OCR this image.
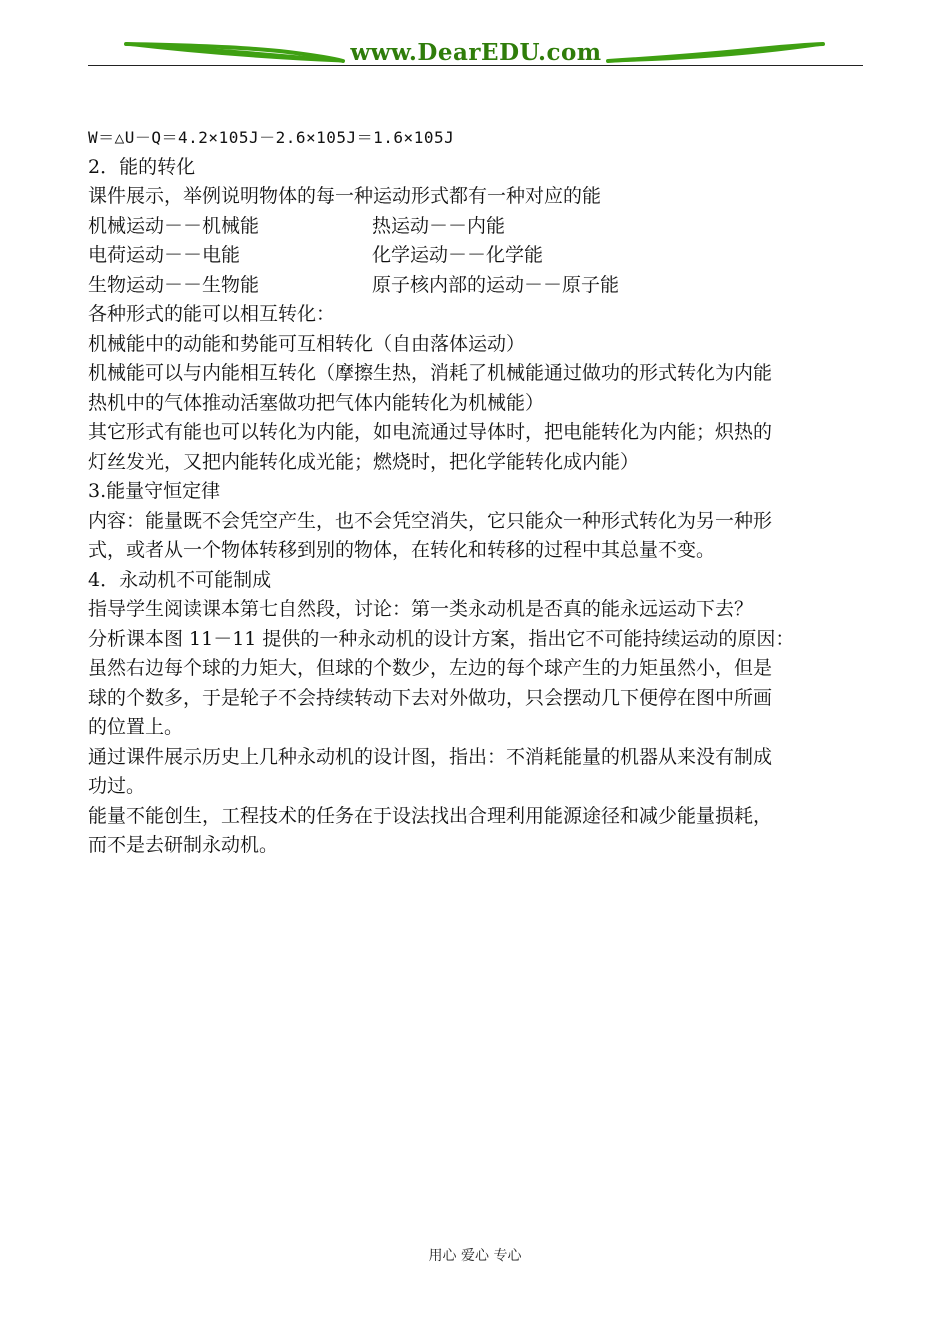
www.DearEDU.com
W＝△U－Q＝4.2×105J－2.6×105J＝1.6×105J
2．能的转化
课件展示，举例说明物体的每一种运动形式都有一种对应的能
机械运动－－机械能	热运动－－内能
电荷运动－－电能	化学运动－－化学能
生物运动－－生物能	原子核内部的运动－－原子能
各种形式的能可以相互转化：
机械能中的动能和势能可互相转化（自由落体运动）
机械能可以与内能相互转化（摩擦生热，消耗了机械能通过做功的形式转化为内能
热机中的气体推动活塞做功把气体内能转化为机械能）
其它形式有能也可以转化为内能，如电流通过导体时，把电能转化为内能；炽热的
灯丝发光，又把内能转化成光能；燃烧时，把化学能转化成内能）
3.能量守恒定律
内容：能量既不会凭空产生，也不会凭空消失，它只能众一种形式转化为另一种形
式，或者从一个物体转移到别的物体，在转化和转移的过程中其总量不变。
4．永动机不可能制成
指导学生阅读课本第七自然段，讨论：第一类永动机是否真的能永远运动下去？
分析课本图 11－11 提供的一种永动机的设计方案，指出它不可能持续运动的原因：
虽然右边每个球的力矩大，但球的个数少，左边的每个球产生的力矩虽然小，但是
球的个数多，于是轮子不会持续转动下去对外做功，只会摆动几下便停在图中所画
的位置上。
通过课件展示历史上几种永动机的设计图，指出：不消耗能量的机器从来没有制成
功过。
能量不能创生，工程技术的任务在于设法找出合理利用能源途径和减少能量损耗，
而不是去研制永动机。
用心 爱心 专心
